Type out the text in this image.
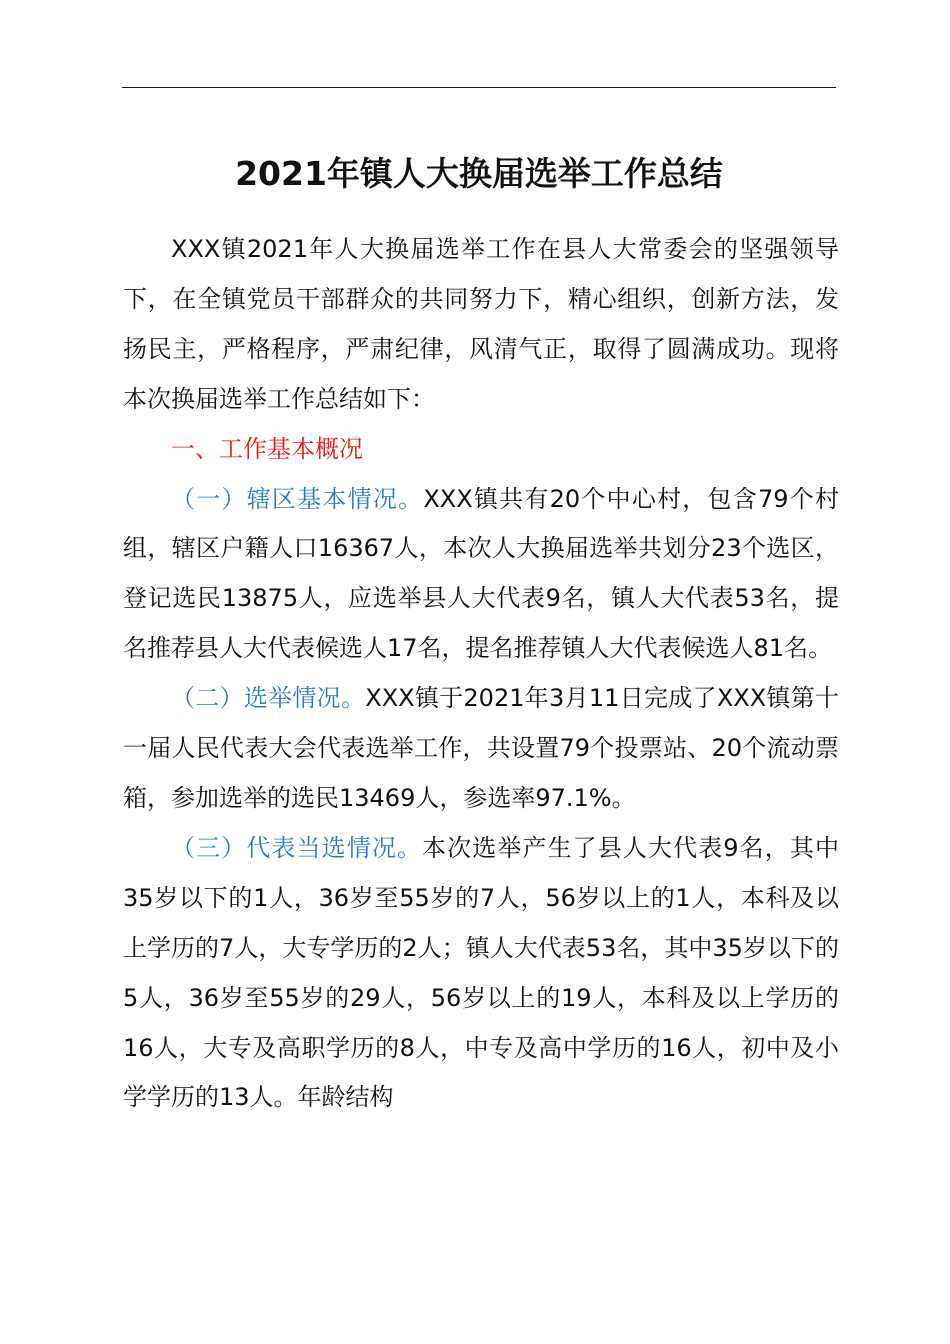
2021年镇人大换届选举工作总结

XXX镇2021年人大换届选举工作在县人大常委会的坚强领导下，在全镇党员干部群众的共同努力下，精心组织，创新方法，发扬民主，严格程序，严肃纪律，风清气正，取得了圆满成功。现将本次换届选举工作总结如下：

一、工作基本概况

（一）辖区基本情况。XXX镇共有20个中心村，包含79个村组，辖区户籍人口16367人，本次人大换届选举共划分23个选区，登记选民13875人，应选举县人大代表9名，镇人大代表53名，提名推荐县人大代表候选人17名，提名推荐镇人大代表候选人81名。

（二）选举情况。XXX镇于2021年3月11日完成了XXX镇第十一届人民代表大会代表选举工作，共设置79个投票站、20个流动票箱，参加选举的选民13469人，参选率97.1%。

（三）代表当选情况。本次选举产生了县人大代表9名，其中35岁以下的1人，36岁至55岁的7人，56岁以上的1人，本科及以上学历的7人，大专学历的2人；镇人大代表53名，其中35岁以下的5人，36岁至55岁的29人，56岁以上的19人，本科及以上学历的16人，大专及高职学历的8人，中专及高中学历的16人，初中及小学学历的13人。年龄结构
